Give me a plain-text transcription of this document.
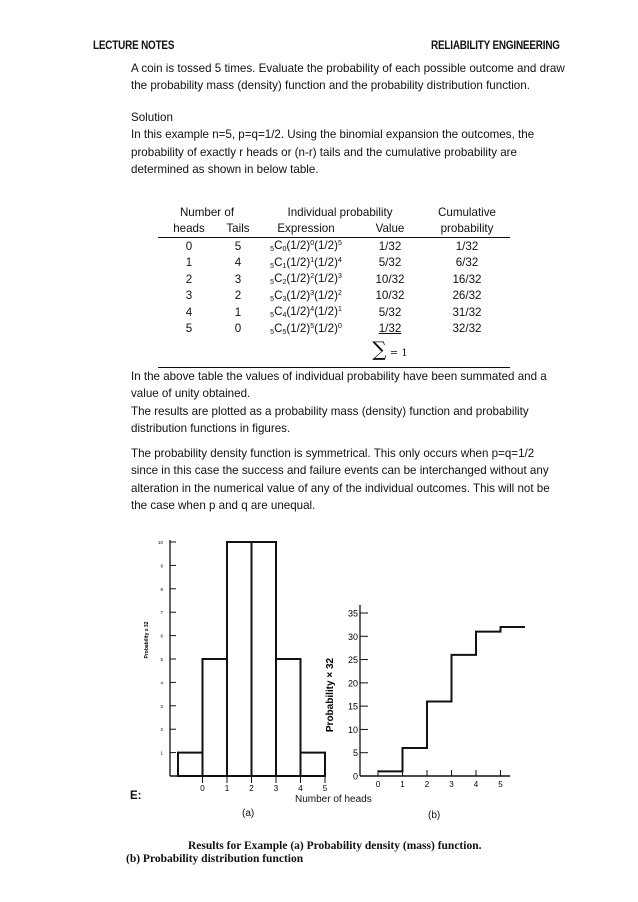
LECTURE NOTES	RELIABILITY ENGINEERING
A coin is tossed 5 times. Evaluate the probability of each possible outcome and draw
the probability mass (density) function and the probability distribution function.
Solution
In this example n=5, p=q=1/2. Using the binomial expansion the outcomes, the
probability of exactly r heads or (n-r) tails and the cumulative probability are
determined as shown in below table.
Number of		Individual probability		Cumulative
heads	Tails	Expression	Value	probability
0	5	$5C0(1/2)^0(1/2)^5$	1/32	1/32
1	4	$5C1(1/2)^1(1/2)^4$	5/32	6/32
2	3	$5C2(1/2)^2(1/2)^3$	10/32	16/32
3	2	$5C3(1/2)^3(1/2)^2$	10/32	26/32
4	1	$5C4(1/2)^4(1/2)^1$	5/32	31/32
5	0	$5C5(1/2)^5(1/2)^0$	1/32	32/32
			∑ = 1	
In the above table the values of individual probability have been summated and a
value of unity obtained.
The results are plotted as a probability mass (density) function and probability
distribution functions in figures.
The probability density function is symmetrical. This only occurs when p=q=1/2
since in this case the success and failure events can be interchanged without any
alteration in the numerical value of any of the individual outcomes. This will not be
the case when p and q are unequal.
1
2
3
4
5
6
7
8
9
10
Probability x 32
0	1	2	3	4	5
0
5
10
15
20
25
30
35
Probability × 32
0	1	2	3	4	5
E:	Number of heads
(a)	(b)
Results for Example (a) Probability density (mass) function.
(b) Probability distribution function
